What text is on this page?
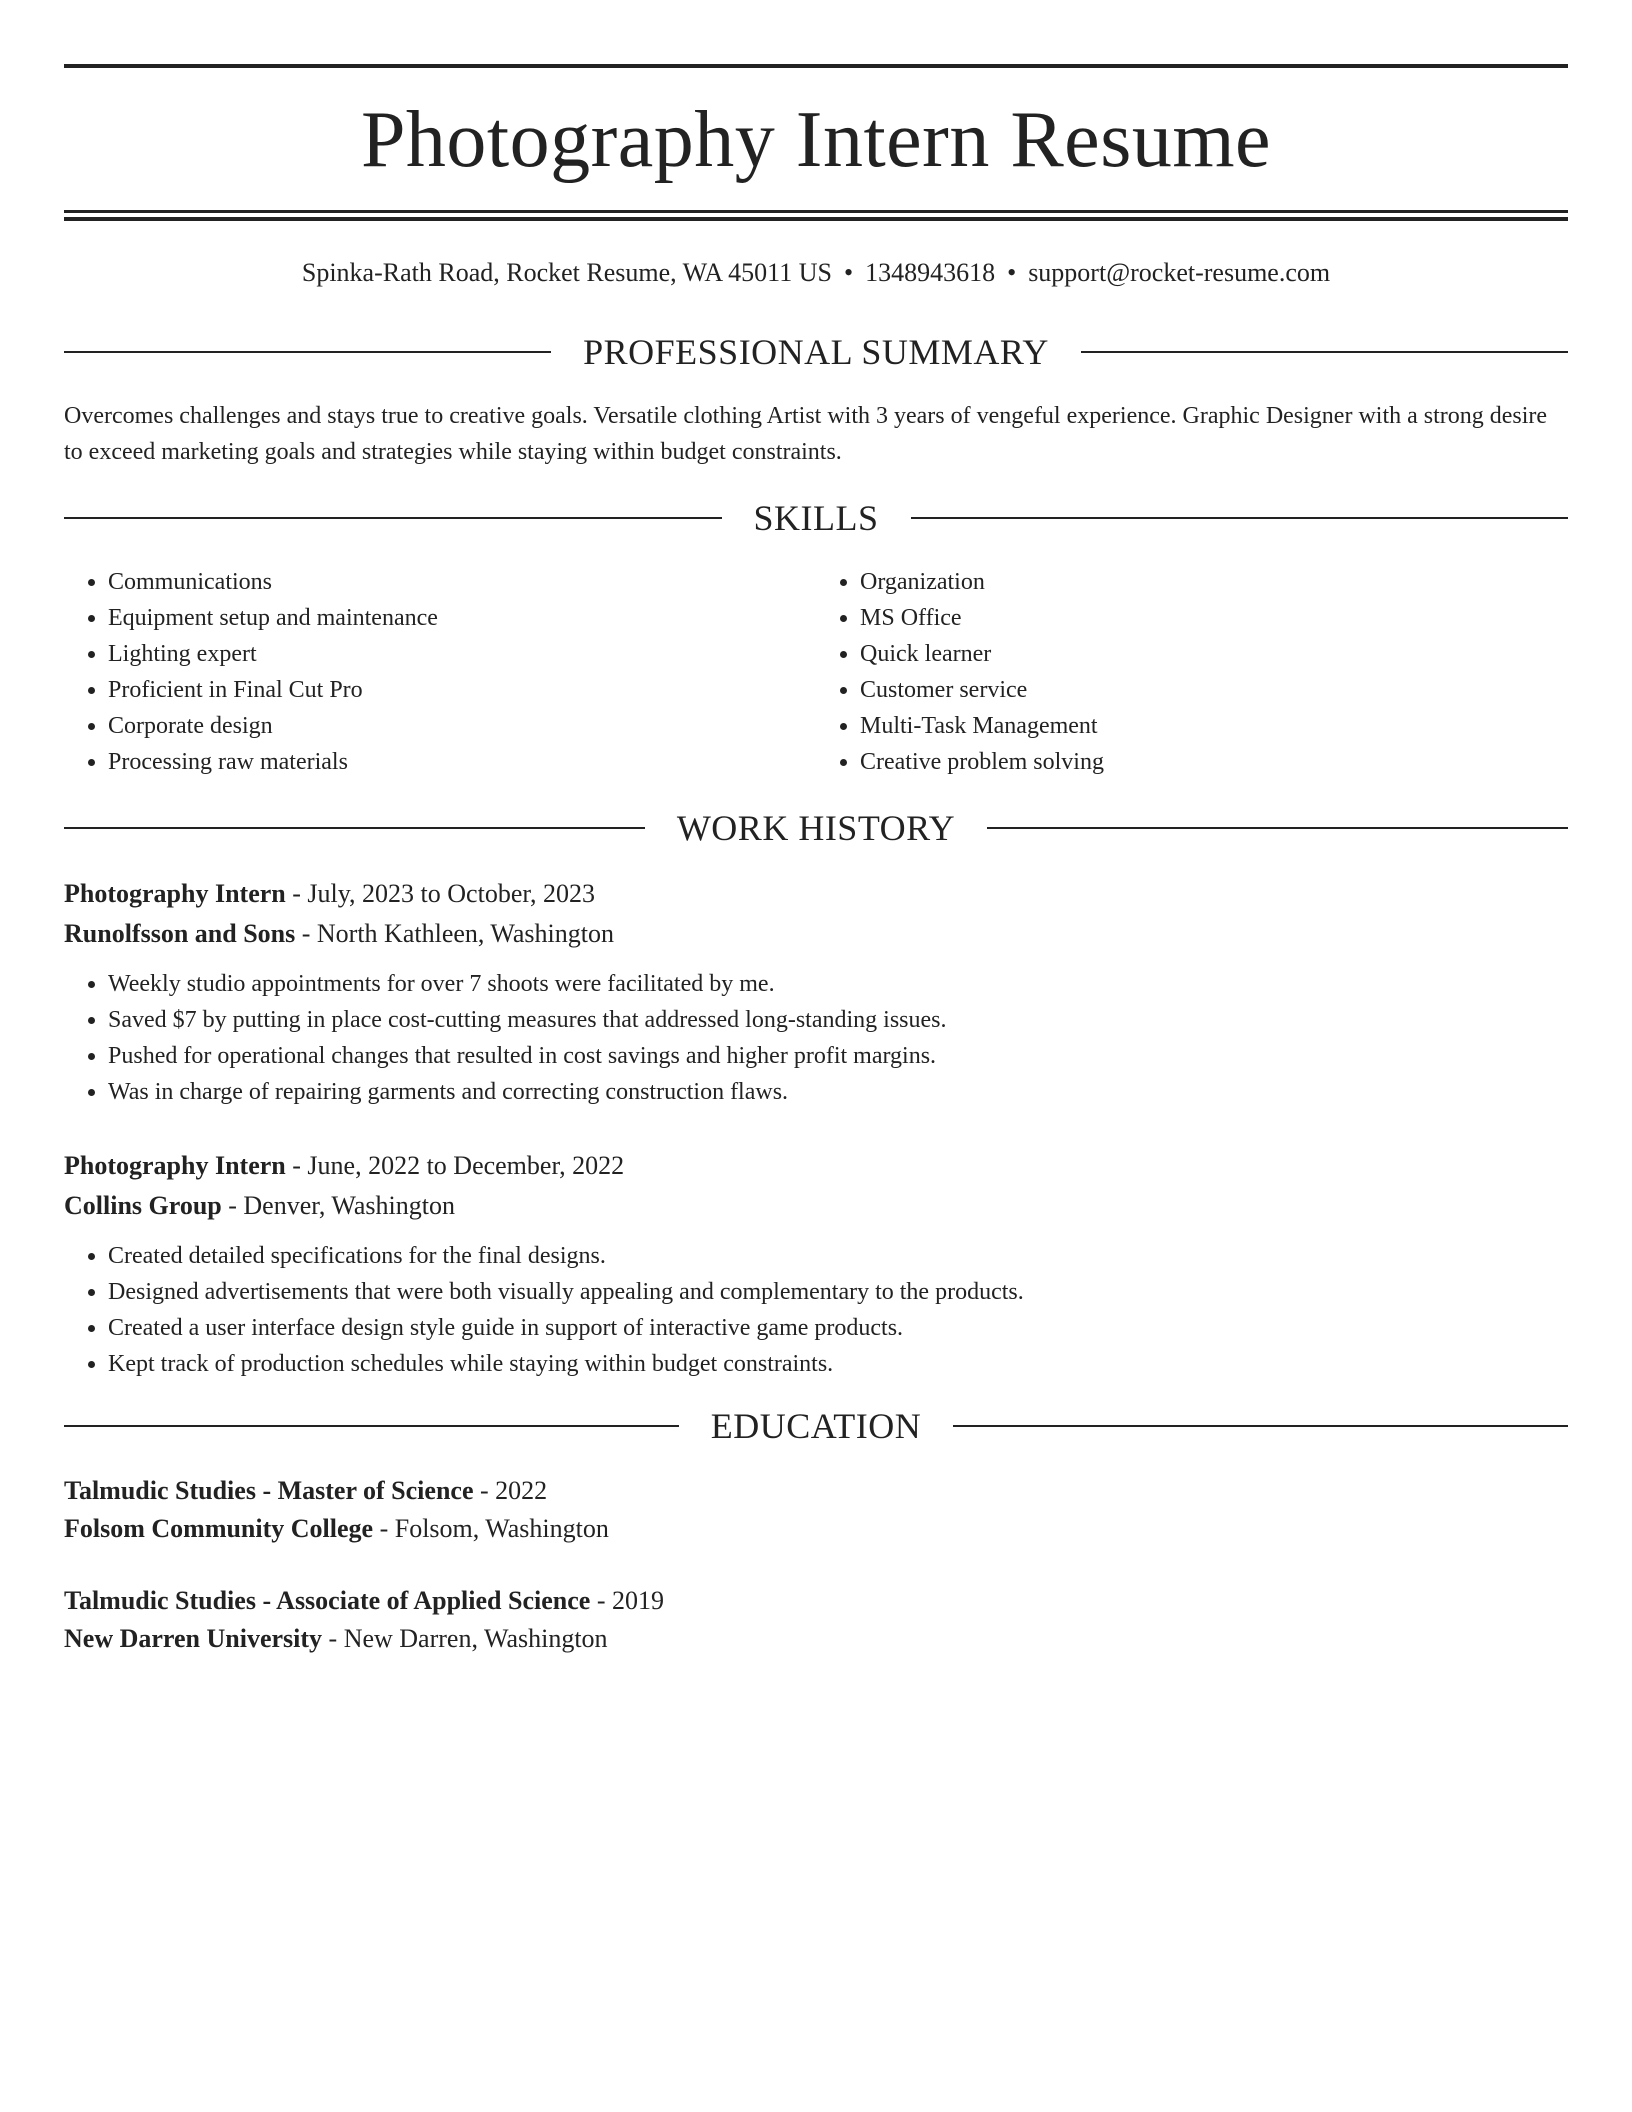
Photography Intern Resume
Spinka-Rath Road, Rocket Resume, WA 45011 US • 1348943618 • support@rocket-resume.com
PROFESSIONAL SUMMARY

Overcomes challenges and stays true to creative goals. Versatile clothing Artist with 3 years of vengeful experience. Graphic Designer with a strong desire to exceed marketing goals and strategies while staying within budget constraints.

SKILLS
• Communications
• Equipment setup and maintenance
• Lighting expert
• Proficient in Final Cut Pro
• Corporate design
• Processing raw materials
• Organization
• MS Office
• Quick learner
• Customer service
• Multi-Task Management
• Creative problem solving
WORK HISTORY
Photography Intern - July, 2023 to October, 2023
Runolfsson and Sons - North Kathleen, Washington
• Weekly studio appointments for over 7 shoots were facilitated by me.
• Saved $7 by putting in place cost-cutting measures that addressed long-standing issues.
• Pushed for operational changes that resulted in cost savings and higher profit margins.
• Was in charge of repairing garments and correcting construction flaws.
Photography Intern - June, 2022 to December, 2022
Collins Group - Denver, Washington
• Created detailed specifications for the final designs.
• Designed advertisements that were both visually appealing and complementary to the products.
• Created a user interface design style guide in support of interactive game products.
• Kept track of production schedules while staying within budget constraints.
EDUCATION
Talmudic Studies - Master of Science - 2022
Folsom Community College - Folsom, Washington
Talmudic Studies - Associate of Applied Science - 2019
New Darren University - New Darren, Washington
